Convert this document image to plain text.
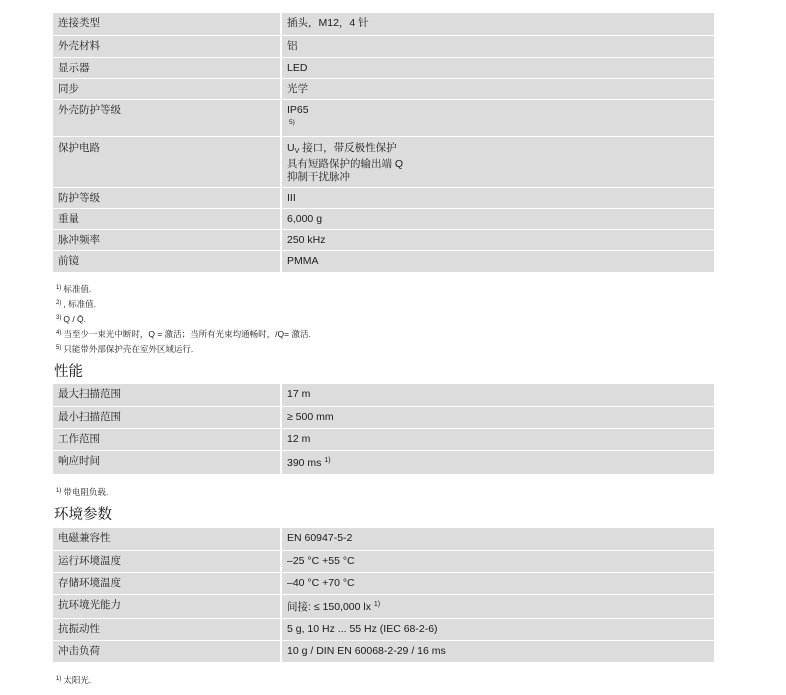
连接类型	插头，M12，4 针
外壳材料	铝
显示器	LED
同步	光学
外壳防护等级	IP65
5)

保护电路	UV 接口，带反极性保护
具有短路保护的输出端 Q
抑制干扰脉冲

防护等级	III
重量	6,000 g
脉冲频率	250 kHz
前镜	PMMA
$^{1)}$ 标准值.
$^{2)}$ , 标准值.
$^{3)}$ Q / Q̄.
$^{4)}$ 当至少一束光中断时，Q = 激活；当所有光束均通畅时，/Q= 激活.
$^{5)}$ 只能带外部保护壳在室外区域运行.
性能
最大扫描范围	17 m
最小扫描范围	≥ 500 mm
工作范围	12 m
响应时间	390 ms $^{1)}$
$^{1)}$ 带电阻负载.
环境参数
电磁兼容性	EN 60947-5-2
运行环境温度	–25 °C +55 °C
存储环境温度	–40 °C +70 °C
抗环境光能力	间接: ≤ 150,000 lx $^{1)}$
抗振动性	5 g, 10 Hz ... 55 Hz (IEC 68-2-6)
冲击负荷	10 g / DIN EN 60068-2-29 / 16 ms
$^{1)}$ 太阳光.
